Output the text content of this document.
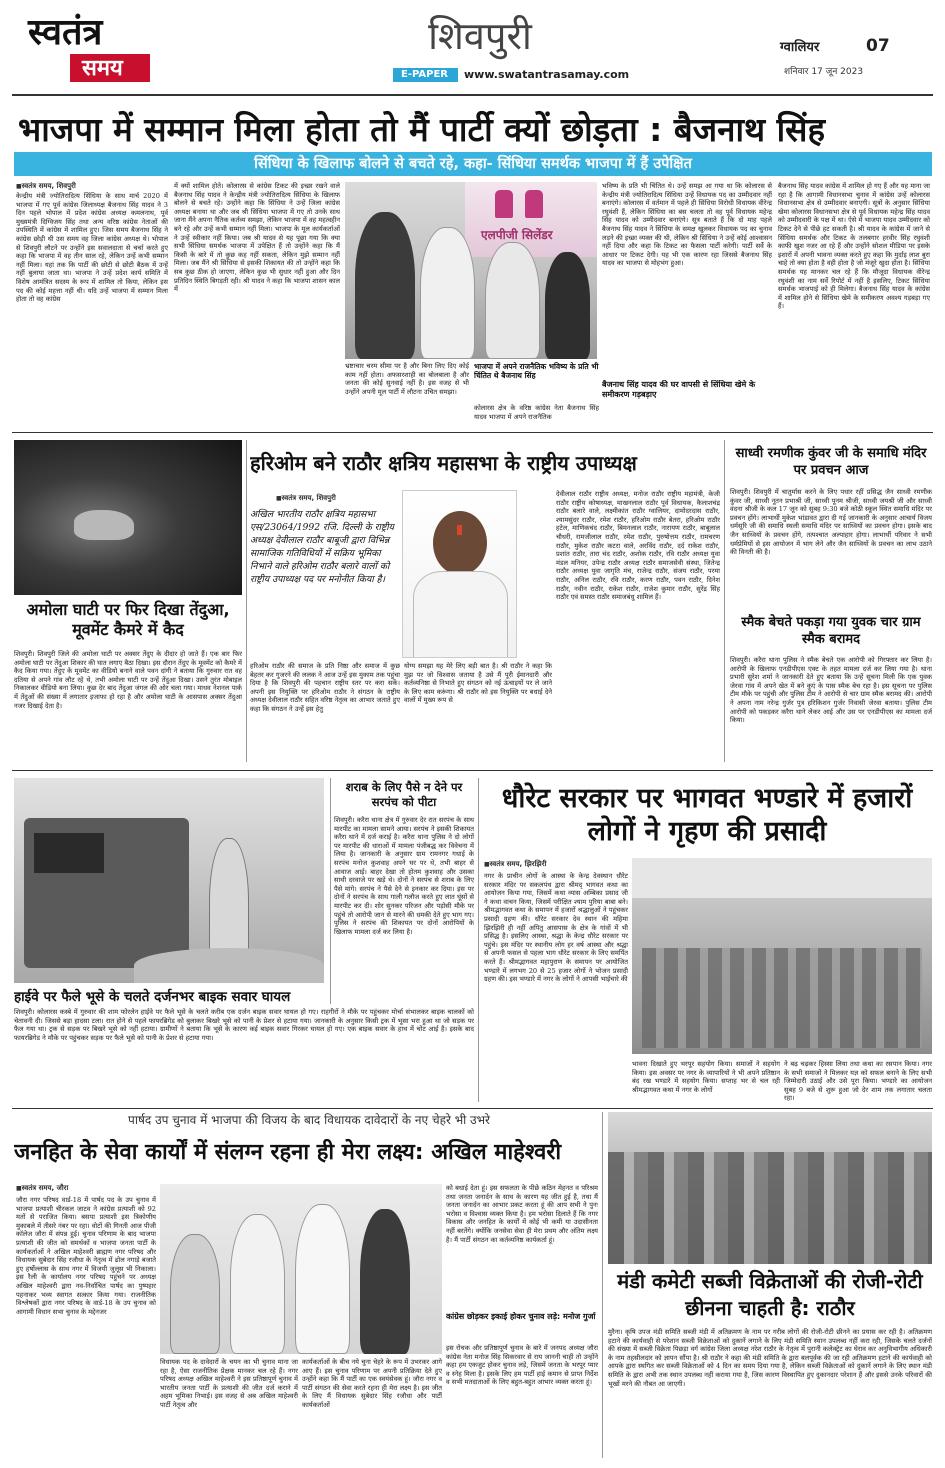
स्वतंत्र
समय
शिवपुरी
E-PAPER www.swatantrasamay.com
ग्वालियर	07
शनिवार 17 जून 2023
भाजपा में सम्मान मिला होता तो मैं पार्टी क्यों छोड़ता : बैजनाथ सिंह
सिंधिया के खिलाफ बोलने से बचते रहे, कहा- सिंधिया समर्थक भाजपा में हैं उपेक्षित
■ स्वतंत्र समय, शिवपुरी
केन्द्रीय मंत्री ज्योतिरादित्य सिंधिया के साथ मार्च 2020 में भाजपा में गए पूर्व कांग्रेस जिलाध्यक्ष बैजनाथ सिंह यादव ने 3 दिन पहले भोपाल में प्रदेश कांग्रेस अध्यक्ष कमलनाथ, पूर्व मुख्यमंत्री दिग्विजय सिंह तथा अन्य वरिष्ठ कांग्रेस नेताओं की उपस्थिति में कांग्रेस में शामिल हुए। जिस समय बैजनाथ सिंह ने कांग्रेस छोड़ी थी उस समय वह जिला कांग्रेस अध्यक्ष थे। भोपाल से शिवपुरी लौटने पर उन्होंने इस सवालदाता से चर्चा करते हुए कहा कि भाजपा में वह तीन साल रहे, लेकिन उन्हें कभी सम्मान नहीं मिला। यहां तक कि पार्टी की छोटी से छोटी बैठक में उन्हें नहीं बुलाया जाता था। भाजपा ने उन्हें प्रदेश कार्य समिति में विशेष आमंत्रित सदस्य के रूप में शामिल तो किया, लेकिन इस पद की कोई महत्ता नहीं थी। यदि उन्हें भाजपा में सम्मान मिला होता तो वह कांग्रेस
में क्यों शामिल होते। कोलारस से कांग्रेस टिकट की इच्छा रखने वाले बैजनाथ सिंह यादव ने केन्द्रीय मंत्री ज्योतिरादित्य सिंधिया के खिलाफ बोलने से बचते रहे। उन्होंने कहा कि सिंधिया ने उन्हें जिला कांग्रेस अध्यक्ष बनाया था और जब श्री सिंधिया भाजपा में गए तो उनके साथ जाना मैंने अपना नैतिक कर्तव्य समझा, लेकिन भाजपा में वह महत्वहीन बने रहे और उन्हें कभी सम्मान नहीं मिला। भाजपा के मूल कार्यकर्ताओं ने उन्हें स्वीकार नहीं किया। जब श्री यादव से यह पूछा गया कि क्या सभी सिंधिया समर्थक भाजपा में उपेक्षित हैं तो उन्होंने कहा कि मैं किसी के बारे में तो कुछ कह नहीं सकता, लेकिन मुझे सम्मान नहीं मिला। जब मैंने श्री सिंधिया से इसकी शिकायत की तो उन्होंने कहा कि सब कुछ ठीक हो जाएगा, लेकिन कुछ भी सुधार नहीं हुआ और दिन प्रतिदिन स्थिति बिगड़ती रही। श्री यादव ने कहा कि भाजपा शासन काल में
एलपीजी सिलेंडर
भ्रष्टाचार चरम सीमा पर है और बिना लिए दिए कोई काम नहीं होता। अफसरशाही का बोलबाला है और जनता की कोई सुनवाई नहीं है। इस वजह से भी उन्होंने अपनी मूल पार्टी में लौटना उचित समझा।
भाजपा में अपने राजनैतिक भविष्य के प्रति भी चिंतित थे बैजनाथ सिंह
कोलारस क्षेत्र के वरिष्ठ कांग्रेस नेता बैजनाथ सिंह यादव भाजपा में अपने राजनैतिक
भविष्य के प्रति भी चिंतित थे। उन्हें समझ आ गया था कि कोलारस से केन्द्रीय मंत्री ज्योतिरादित्य सिंधिया उन्हें विधायक पद का उम्मीदवार नहीं बनाएंगे। कोलारस में वर्तमान में पहले ही सिंधिया विरोधी विधायक वीरेन्द्र रघुवंशी हैं, लेकिन सिंधिया का बस चलता तो वह पूर्व विधायक महेन्द्र सिंह यादव को उम्मीदवार बनाएंगे। सूत्र बताते हैं कि दो माह पहले बैजनाथ सिंह यादव ने सिंधिया के समक्ष खुलकर विधायक पद का चुनाव लड़ने की इच्छा व्यक्त की थी, लेकिन श्री सिंधिया ने उन्हें कोई आश्वासन नहीं दिया और कहा कि टिकट का फैसला पार्टी करेगी। पार्टी सर्वे के आधार पर टिकट देगी। यह भी एक कारण रहा जिससे बैजनाथ सिंह यादव का भाजपा से मोहभंग हुआ।
बैजनाथ सिंह यादव की घर वापसी से सिंधिया खेमे के समीकरण गड़बड़ाए
बैजनाथ सिंह यादव कांग्रेस में शामिल हो गए हैं और यह माना जा रहा है कि आगामी विधानसभा चुनाव में कांग्रेस उन्हें कोलारस विधानसभा क्षेत्र से उम्मीदवार बनाएगी। सूत्रों के अनुसार सिंधिया खेमा कोलारस विधानसभा क्षेत्र से पूर्व विधायक महेन्द्र सिंह यादव को उम्मीदवारी के पक्ष में था। ऐसे में भाजपा यादव उम्मीदवार को टिकट देने से पीछे हट सकती है। श्री यादव के कांग्रेस में जाने से सिंधिया समर्थक और टिकट के तलबगार हरवीर सिंह रघुवंशी काफी खुश नजर आ रहे हैं और उन्होंने सोशल मीडिया पर इसके इशारों में अपनी भावना व्यक्त करते हुए कहा कि मुर्दाइ लाश बुरा चाहे तो क्या होता है वही होता है जो मंजूरे खुदा होता है। सिंधिया समर्थक यह मानकर चल रहे हैं कि मौजूदा विधायक वीरेन्द्र रघुवंशी का नाम सर्वे रिपोर्ट में नहीं है इसलिए, टिकट सिंधिया समर्थक भाजपाई को ही मिलेगा। बैजनाथ सिंह यादव के कांग्रेस में शामिल होने से सिंधिया खेमे के समीकरण अवश्य गड़बड़ा गए हैं।
अमोला घाटी पर फिर दिखा तेंदुआ, मूवमेंट कैमरे में कैद
शिवपुरी। शिवपुरी जिले की अमोला घाटी पर अक्सर तेंदुए के दीदार हो जाते हैं। एक बार फिर अमोला घाटी पर तेंदुआ शिकार की घात लगाए बैठा दिखा। इस दौरान तेंदुए के मूवमेंट को कैमरे में कैद किया गया। तेंदुए के मूवमेंट का वीडियो बनाने वाले पवन दांगी ने बताया कि गुरुवार रात वह दतिया से अपने गांव लौट रहे थे, तभी अमोला घाटी पर उन्हें तेंदुआ दिखा। उसने तुरंत मोबाइल निकालकर वीडियो बना लिया। कुछ देर बाद तेंदुआ जंगल की ओर चला गया। माधव नेशनल पार्क में तेंदुओं की संख्या में लगातार इजाफा हो रहा है और अमोला घाटी के आसपास अक्सर तेंदुआ नजर दिखाई देता है।
हरिओम बने राठौर क्षत्रिय महासभा के राष्ट्रीय उपाध्यक्ष
■ स्वतंत्र समय, शिवपुरी
अखिल भारतीय राठौर क्षत्रिय महासभा एस/23064/1992 रजि. दिल्ली के राष्ट्रीय अध्यक्ष देवीलाल राठौर बाबूजी द्वारा विभिन्न सामाजिक गतिविधियों में सक्रिय भूमिका निभाने वाले हरिओम राठौर बलारे वालों को राष्ट्रीय उपाध्यक्ष पद पर मनोनीत किया है।
हरिओम राठौर की समाज के प्रति निष्ठा और समाज में कुछ बेहतर कर गुजरने की ललक ने आज उन्हें इस मुकाम तक पहुंचा दिया है कि शिवपुरी की पहचान राष्ट्रीय स्तर पर करा सकें। अपनी इस नियुक्ति पर हरिओम राठौर ने संगठन के राष्ट्रीय अध्यक्ष देवीलाल राठौर सहित वरिष्ठ नेतृत्व का आभार जताते हुए कहा कि संगठन ने उन्हें इस हेतु
योग्य समझा यह मेरे लिए बड़ी बात है। श्री राठौर ने कहा कि मुझ पर जो विश्वास जताया है उसे मैं पूरी ईमानदारी और कर्तव्यनिष्ठा से निभाते हुए संगठन को नई ऊंचाइयों पर ले जाने के लिए काम करूंगा। श्री राठौर को इस नियुक्ति पर बधाई देने वालों में मुख्य रूप से
देवीलाल राठौर राष्ट्रीय अध्यक्ष, मनोज राठौर राष्ट्रीय महामंत्री, केजी राठौर राष्ट्रीय कोषाध्यक्ष, माखनलाल राठौर पूर्व विधायक, कैलाशचंद्र राठौर बलारे वाले, लक्ष्मीकांत राठौर ग्वालियर, दामोदरदास राठौर, श्यामसुंदर राठौर, रमेश राठौर, हरिओम राठौर बेतरा, हरिओम राठौर हटेल, माणिकचंद राठौर, बिमनलाल राठौर, नारायण राठौर, बाबूलाल चौधरी, रामजीलाल राठौर, रमेश राठौर, पुरुषोत्तम राठौर, रामचरण राठौर, मुकेश राठौर कटरा वाले, अरविंद राठौर, दर्द राकेश राठौर, प्रशांत राठौर, तारा चंद राठौर, अशोक राठौर, रवि राठौर अध्यक्ष युवा मंडल मनियर, उपेन्द्र राठौर अध्यक्ष राठौर समाजसेवी संस्था, जितेन्द्र राठौर अध्यक्ष युवा जागृति मंच, राजेन्द्र राठौर, संजय राठौर, परमा राठौर, अनिल राठौर, रवि राठौर, करण राठौर, पवन राठौर, दिनेश राठौर, नवीन राठौर, राकेश राठौर, राजेश कुमार राठौर, सुरेंद्र सिंह राठौर एवं समस्त राठौर समाजबंधु शामिल हैं।
साध्वी रमणीक कुंवर जी के समाधि मंदिर पर प्रवचन आज
शिवपुरी। शिवपुरी में चातुर्मास करने के लिए पधार रहीं प्रसिद्ध जैन साध्वी रमणीक कुंवर जी, साध्वी नूतन प्रभाश्री जी, साध्वी पूनम श्रीजी, साध्वी जयश्री जी और साध्वी वंदना श्रीजी के कल 17 जून को सुबह 9:30 बजे कोठी स्कूल स्थित समाधि मंदिर पर प्रवचन होंगे। लाभार्थी मुकेश भांडावत द्वारा दी गई जानकारी के अनुसार आचार्य विजय धर्मसूरि जी की समाधि स्थली समाधि मंदिर पर साध्वियों का प्रवचन होगा। इसके बाद जैन साध्वियों के प्रवचन होंगे, तत्पश्चात अल्पाहार होगा। लाभार्थी परिवार ने सभी धर्मप्रेमियों से इस आयोजन में भाग लेने और जैन साध्वियों के प्रवचन का लाभ उठाने की विनती की है।
स्मैक बेचते पकड़ा गया युवक चार ग्राम स्मैक बरामद
शिवपुरी। करैरा थाना पुलिस ने स्मैक बेचते एक आरोपी को गिरफ्तार कर लिया है। आरोपी के खिलाफ एनडीपीएस एक्ट के तहत मामला दर्ज कर लिया गया है। थाना प्रभारी सुरेश शर्मा ने जानकारी देते हुए बताया कि उन्हें सूचना मिली कि एक युवक जेरवा गांव में अपने खेत में बने कुएं के पास स्मैक बेच रहा है। इस सूचना पर पुलिस टीम मौके पर पहुंची और पुलिस टीम ने आरोपी से चार ग्राम स्मैक बरामद की। आरोपी ने अपना नाम नरेन्द्र गुर्जर पुत्र हरिकिशन गुर्जर निवासी जेरवा बताया। पुलिस टीम आरोपी को पकड़कर करैरा थाने लेकर आई और उस पर एनडीपीएस का मामला दर्ज किया।
हाईवे पर फैले भूसे के चलते दर्जनभर बाइक सवार घायल
शिवपुरी। कोलारस कस्बे में गुरुवार की शाम फोरलेन हाईवे पर फैले भूसे के चलते करीब एक दर्जन बाइक सवार घायल हो गए। राहगीरों ने मौके पर पहुंचकर मोर्चा संभालकर बाइक चालकों को चेतावनी दी। जिससे बड़ा हादसा टला। रात होने से पहले फायरब्रिगेड को बुलाकर बिखरे भूसे को पानी के प्रेशर से हटाया गया। जानकारी के अनुसार किसी ट्रक में भूसा भरा हुआ था जो सड़क पर फैल गया था। ट्रक से सड़क पर बिखरे भूसे को नहीं हटाया। ग्रामीणों ने बताया कि भूसे के कारण कई बाइक सवार गिरकर घायल हो गए। एक बाइक सवार के हाथ में चोट आई है। इसके बाद फायरब्रिगेड ने मौके पर पहुंचकर सड़क पर फैले भूसे को पानी के प्रेशर से हटाया गया।
शराब के लिए पैसे न देने पर सरपंच को पीटा
शिवपुरी। करैरा थाना क्षेत्र में गुरुवार देर रात सरपंच के साथ मारपीट का मामला सामने आया। सरपंच ने इसकी शिकायत करैरा थाने में दर्ज कराई है। करैरा थाना पुलिस ने दो लोगों पर मारपीट की धाराओं में मामला पंजीबद्ध कर विवेचना में लिया है। जानकारी के अनुसार ग्राम रामनगर गधाई के सरपंच मनोज कुशवाह अपने घर पर थे, तभी बाहर से आवाज आई। बाहर देखा तो होतम कुशवाह और उसका साथी दरवाजे पर खड़े थे। दोनों ने सरपंच से शराब के लिए पैसे मांगे। सरपंच ने पैसे देने से इनकार कर दिया। इस पर दोनों ने सरपंच के साथ गाली गलौज करते हुए लात घूंसों से मारपीट कर दी। शोर सुनकर परिजन और पड़ोसी मौके पर पहुंचे तो आरोपी जान से मारने की धमकी देते हुए भाग गए। पुलिस ने सरपंच की शिकायत पर दोनों आरोपियों के खिलाफ मामला दर्ज कर लिया है।
धौरेट सरकार पर भागवत भण्डारे में हजारों लोगों ने गृहण की प्रसादी
■ स्वतंत्र समय, झिरझिरी
नगर के प्राचीन लोगों के आस्था के केन्द्र देवस्थान धौरेट सरकार मंदिर पर सकलपंथ द्वारा श्रीमद् भागवत कथा का आयोजन किया गया, जिसमें कथा व्यास अम्बिका प्रसाद जी ने कथा वाचन किया, जिसमें परीक्षित श्याम पुरिया बाबा बने। श्रीमद्भागवत कथा के समापन में हजारों श्रद्धालुओं ने पहुंचकर प्रसादी ग्रहण की। धौरेट सरकार देव स्थान की महिमा झिरझिरी ही नहीं अपितु आसपास के क्षेत्र के गांवों में भी प्रसिद्ध है। इसलिए आस्था, श्रद्धा के केन्द्र धौरेट सरकार पर पहुंचे। इस मंदिर पर स्थानीय लोग हर वर्ष आस्था और श्रद्धा से अपनी फसल से पहला भाग धौरेट सरकार के लिए समर्पित करते हैं। श्रीमद्भागवत महापुराण के समापन पर आयोजित भण्डारे में लगभग 20 से 25 हजार लोगों ने भोजन प्रसादी ग्रहण की। इस भण्डारे में नगर के लोगों ने आपसी भाईचारे की
भावना दिखाते हुए भरपूर सहयोग किया। समाजों ने सहयोग किया। इस अवसर पर नगर के व्यापारियों ने भी अपने प्रतिष्ठान बंद रख भण्डारे में सहयोग किया। सप्ताह भर से चल रही श्रीमद्भागवत कथा में नगर के लोगों
ने बढ़ चढ़कर हिस्सा लिया तथा कथा का रसपान किया। नगर के सभी समाजों ने मिलकर यज्ञ को सफल बनाने के लिए सभी जिम्मेदारी उठाई और उसे पूरा किया। भण्डारे का आयोजन सुबह 9 बजे से शुरू हुआ जो देर शाम तक लगातार चलता रहा।
पार्षद उप चुनाव में भाजपा की विजय के बाद विधायक दावेदारों के नए चेहरे भी उभरे
जनहित के सेवा कार्यों में संलग्न रहना ही मेरा लक्ष्य: अखिल माहेश्वरी
■ स्वतंत्र समय, जौरा
जौरा नगर परिषद वार्ड-18 में पार्षद पद के उप चुनाव में भाजपा प्रत्याशी चीरकल जाटव ने कांग्रेस प्रत्याशी को 92 मतों से पराजित किया। बसपा प्रत्याशी इस त्रिकोणीय मुकाबले में तीसरे नंबर पर रहा। वोटों की गिनती आज पीजी कॉलेज जौरा में संपन्न हुई। चुनाव परिणाम के बाद भाजपा प्रत्याशी की जीत को समर्थकों व भाजपा जनता पार्टी के कार्यकर्ताओं ने अखिल माहेश्वरी ब्राह्मण नगर परिषद और विधायक सुबेदार सिंह रजौधा के नेतृत्व में ढोल नगाड़े बजाते हुए हर्षोल्लास के साथ नगर में विजयी जुलूस भी निकाला। इस रैली के कार्यालय नगर परिषद पहुंचने पर अध्यक्ष अखिल माहेश्वरी द्वारा नव-निर्वाचित पार्षद का पुष्पहार पहनाकर भव्य स्वागत सत्कार किया गया। राजनीतिक विश्लेषकों द्वारा नगर परिषद के वार्ड-18 के उप चुनाव को आगामी विधान सभा चुनाव के मद्देनजर
विधायक पद के दावेदारों के चयन का भी चुनाव माना जा रहा है, ऐसा राजनीतिक प्रेक्षक मानकर चल रहे हैं। नगर परिषद अध्यक्ष अखिल माहेश्वरी ने इस प्रतिष्ठापूर्ण चुनाव में भारतीय जनता पार्टी के प्रत्याशी की जीत दर्ज कराने में अहम भूमिका निभाई। इस वजह से अब अखिल माहेश्वरी पार्टी नेतृत्व और
कार्यकर्ताओं के बीच नये चुना चेहरे के रूप में उभरकर आगे आए हैं। इस चुनाव परिणाम पर अपनी प्रतिक्रिया देते हुए उन्होंने कहा कि मैं पार्टी का एक स्वयंसेवक हूं। जौरा नगर व पार्टी संगठन की सेवा करते रहना ही मेरा लक्ष्य है। इस जीत के लिए मैं विधायक सुबेदार सिंह रजौधा और पार्टी कार्यकर्ताओं
को बधाई देता हूं। इस सफलता के पीछे कठिन मेहनत व परिश्रम तथा जनता जनार्दन के साथ के कारण यह जीत हुई है, तथा मैं जनता जनार्दन का आभार प्रकट करता हूं की आप सभी ने पुनः भरोसा व विश्वास व्यक्त किया है। हम भरोसा दिलाते हैं कि नगर विकास और जनहित के कार्यों में कोई भी कमी या उदासीनता नहीं बरतेंगे। क्योंकि जनसेवा सेवा ही मेरा प्रथम और अंतिम लक्ष्य है। मैं पार्टी संगठन का कर्तव्यनिष्ठ कार्यकर्ता हूं।
कांग्रेस छोड़कर इकाई होकर चुनाव लड़े: मनोज गुर्जा
इस रोचक और प्रतिष्ठापूर्ण चुनाव के बारे में जनपद अध्यक्ष जौरा कांग्रेस नेता मनोज सिंह सिकरवार से राय जाननी चाही तो उन्होंने कहा हम एकजुट होकर चुनाव लड़े, जिसमें जनता के भरपूर प्यार व स्नेह मिला है। इसके लिए हम पार्टी हाई कमान से प्राप्त निर्देश व सभी मतदाताओं के लिए बहुत-बहुत आभार व्यक्त करता हूं।
मंडी कमेटी सब्जी विक्रेताओं की रोजी-रोटी छीनना चाहती है: राठौर
मुरैना। कृषि उपज मंडी समिति सब्जी मंडी में अतिक्रमण के नाम पर गरीब लोगों की रोजी-रोटी छीनने का प्रयास कर रही है। अतिक्रमण हटाने की कार्यवाही से परेशान सब्जी विक्रेताओं को दुकानें लगाने के लिए मंडी समिति स्थान उपलब्ध नहीं करा रही, जिसके चलते दर्जनों की संख्या में सब्जी विक्रेता पिछड़ा वर्ग कांग्रेस जिला अध्यक्ष नरेश राठौर के नेतृत्व में पुरानी कलेक्ट्रेट का घेराव कर अनुविभागीय अधिकारी के नाम तहसीलदार को ज्ञापन सौंपा है। श्री राठौर ने कहा की मंडी समिति के द्वारा बलपूर्वक की जा रही अतिक्रमण हटाने की कार्यवाही को आपके द्वारा स्थगित कर सब्जी विक्रेताओं को 4 दिन का समय दिया गया है, लेकिन सब्जी विक्रेताओं को दुकानें लगाने के लिए स्थान मंडी समिति के द्वारा अभी तक स्थान उपलब्ध नहीं कराया गया है, जिस कारण विस्थापित हुए दुकानदार परेशान हैं और इससे उनके परिवारों की भूखों मरने की नौबत आ जाएगी।
